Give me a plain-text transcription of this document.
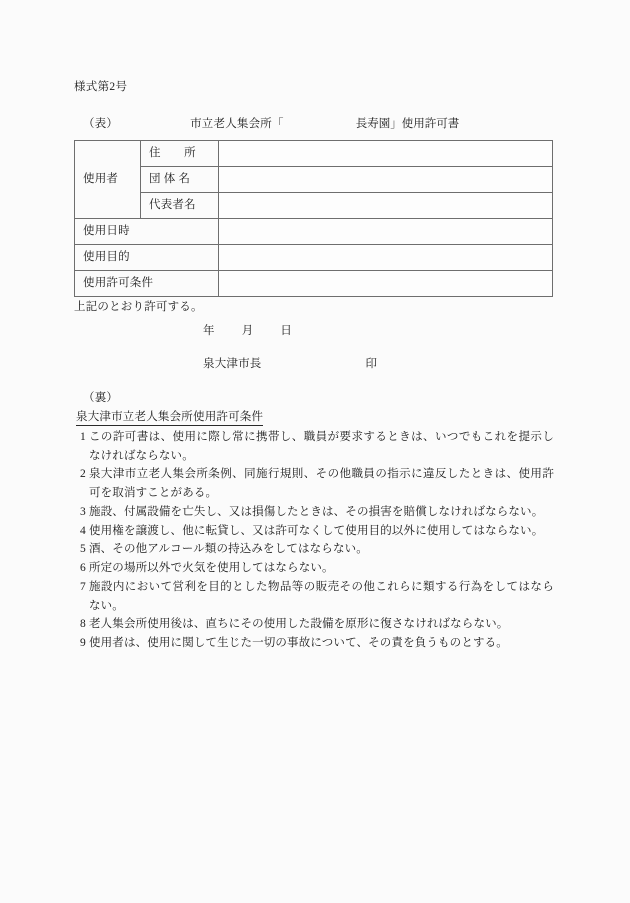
様式第2号
（表）	市立老人集会所「	長寿園」使用許可書
使用者	住　　所	
	団 体 名	
	代表者名	
使用日時		
使用目的		
使用許可条件		
上記のとおり許可する。
年 月 日
泉大津市長	印
（裏）
泉大津市立老人集会所使用許可条件
1 この許可書は、使用に際し常に携帯し、職員が要求するときは、いつでもこれを提示しなければならない。
2 泉大津市立老人集会所条例、同施行規則、その他職員の指示に違反したときは、使用許可を取消すことがある。
3 施設、付属設備を亡失し、又は損傷したときは、その損害を賠償しなければならない。
4 使用権を譲渡し、他に転貸し、又は許可なくして使用目的以外に使用してはならない。
5 酒、その他アルコール類の持込みをしてはならない。
6 所定の場所以外で火気を使用してはならない。
7 施設内において営利を目的とした物品等の販売その他これらに類する行為をしてはならない。
8 老人集会所使用後は、直ちにその使用した設備を原形に復さなければならない。
9 使用者は、使用に関して生じた一切の事故について、その責を負うものとする。
